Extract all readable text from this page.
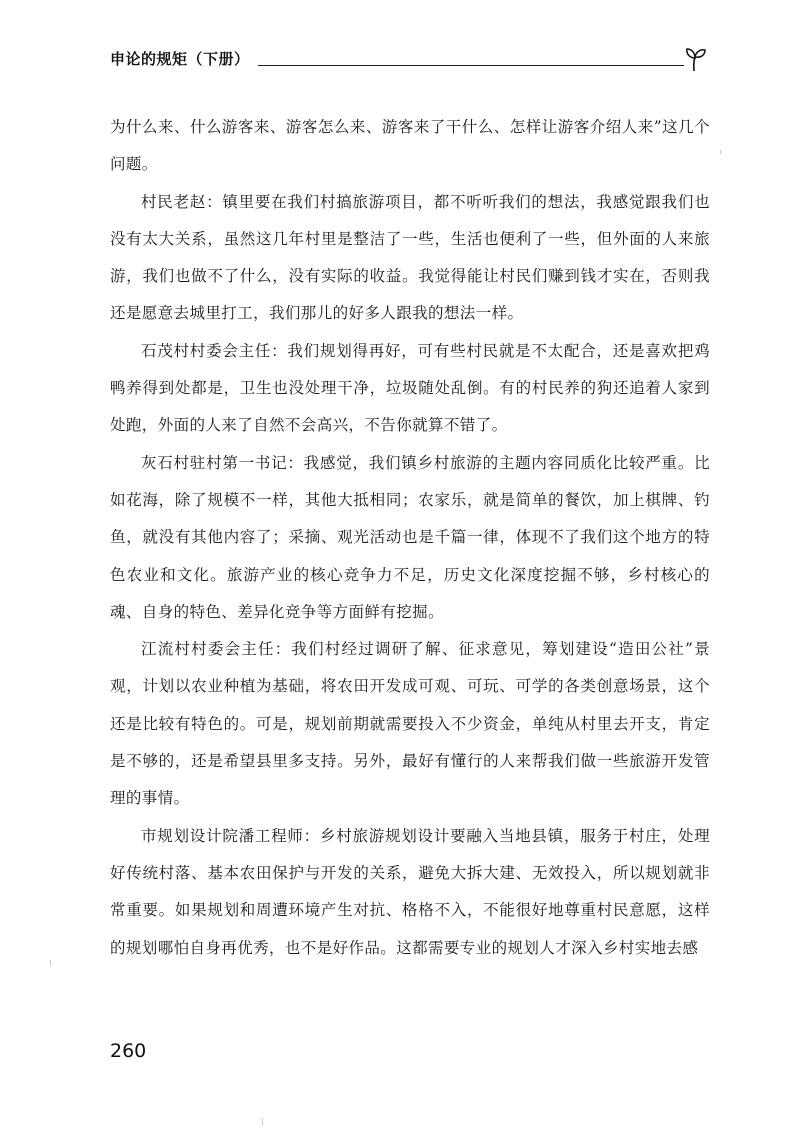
申论的规矩（下册）

为什么来、什么游客来、游客怎么来、游客来了干什么、怎样让游客介绍人来”这几个问题。

村民老赵：镇里要在我们村搞旅游项目，都不听听我们的想法，我感觉跟我们也没有太大关系，虽然这几年村里是整洁了一些，生活也便利了一些，但外面的人来旅游，我们也做不了什么，没有实际的收益。我觉得能让村民们赚到钱才实在，否则我还是愿意去城里打工，我们那儿的好多人跟我的想法一样。

石茂村村委会主任：我们规划得再好，可有些村民就是不太配合，还是喜欢把鸡鸭养得到处都是，卫生也没处理干净，垃圾随处乱倒。有的村民养的狗还追着人家到处跑，外面的人来了自然不会高兴，不告你就算不错了。

灰石村驻村第一书记：我感觉，我们镇乡村旅游的主题内容同质化比较严重。比如花海，除了规模不一样，其他大抵相同；农家乐，就是简单的餐饮，加上棋牌、钓鱼，就没有其他内容了；采摘、观光活动也是千篇一律，体现不了我们这个地方的特色农业和文化。旅游产业的核心竞争力不足，历史文化深度挖掘不够，乡村核心的魂、自身的特色、差异化竞争等方面鲜有挖掘。

江流村村委会主任：我们村经过调研了解、征求意见，筹划建设“造田公社”景观，计划以农业种植为基础，将农田开发成可观、可玩、可学的各类创意场景，这个还是比较有特色的。可是，规划前期就需要投入不少资金，单纯从村里去开支，肯定是不够的，还是希望县里多支持。另外，最好有懂行的人来帮我们做一些旅游开发管理的事情。

市规划设计院潘工程师：乡村旅游规划设计要融入当地县镇，服务于村庄，处理好传统村落、基本农田保护与开发的关系，避免大拆大建、无效投入，所以规划就非常重要。如果规划和周遭环境产生对抗、格格不入，不能很好地尊重村民意愿，这样的规划哪怕自身再优秀，也不是好作品。这都需要专业的规划人才深入乡村实地去感

260
